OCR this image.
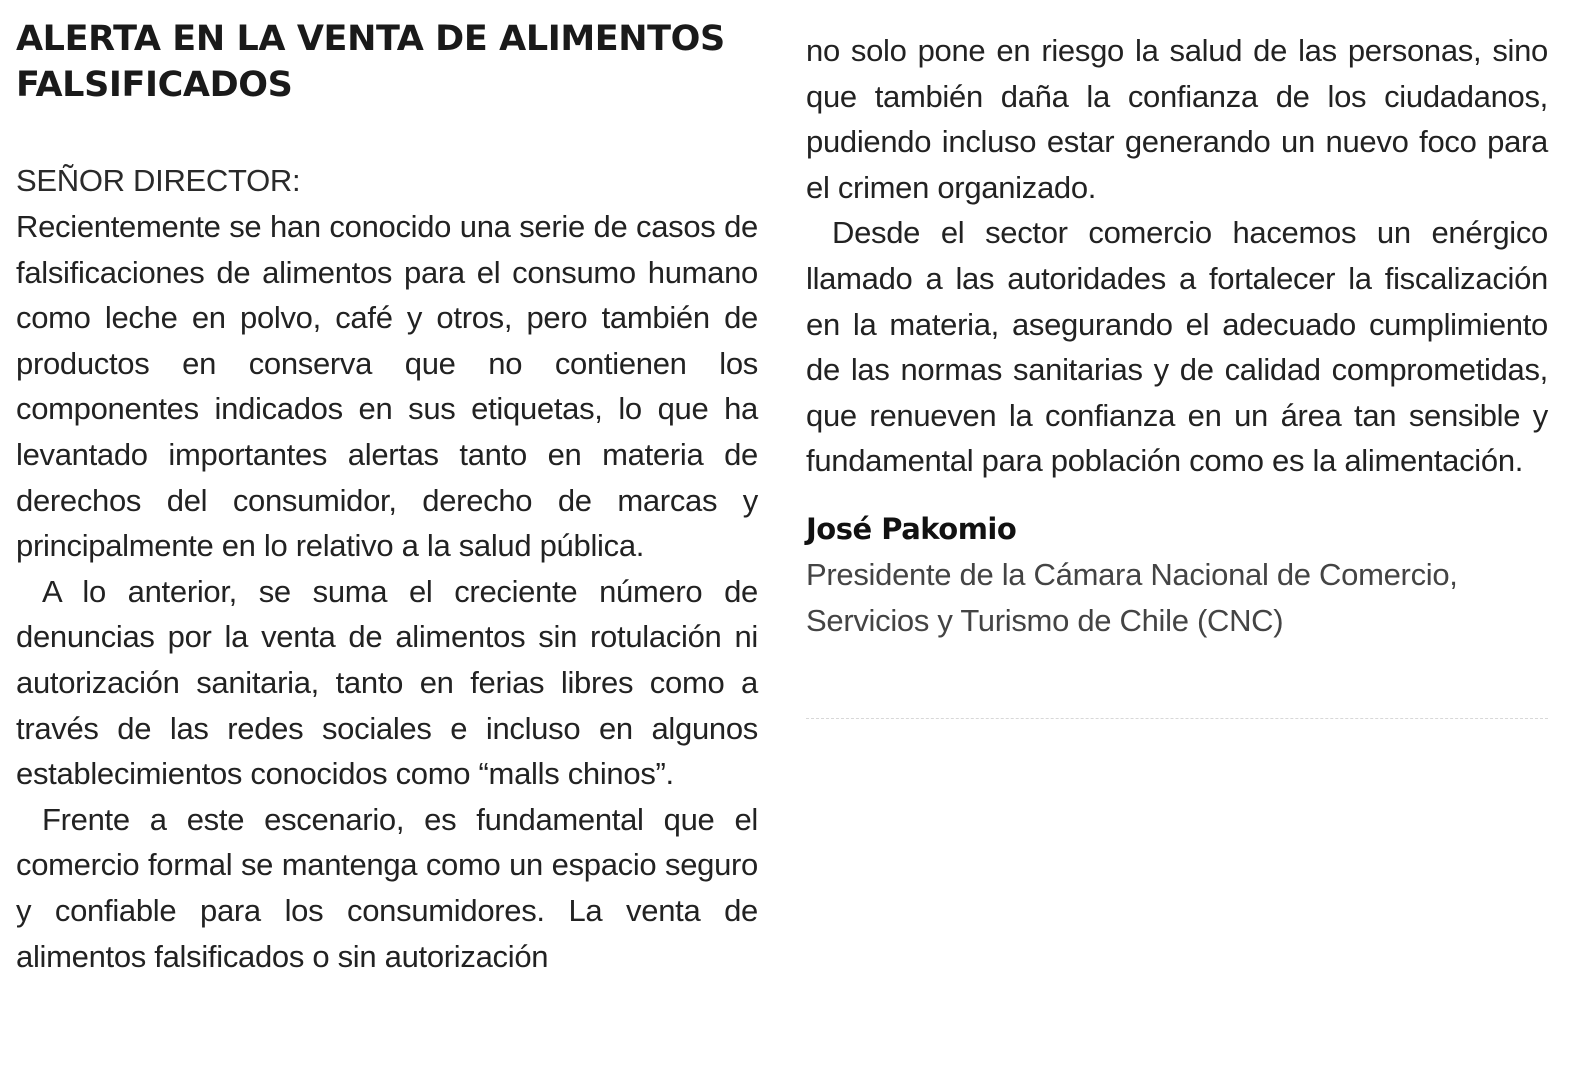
ALERTA EN LA VENTA DE ALIMENTOS FALSIFICADOS

SEÑOR DIRECTOR:

Recientemente se han conocido una serie de casos de falsificaciones de alimentos para el consumo humano como leche en polvo, café y otros, pero también de productos en conserva que no contienen los componentes indicados en sus etiquetas, lo que ha levantado importantes alertas tanto en materia de derechos del consumidor, derecho de marcas y principalmente en lo relativo a la salud pública.

A lo anterior, se suma el creciente número de denuncias por la venta de alimentos sin rotulación ni autorización sanitaria, tanto en ferias libres como a través de las redes sociales e incluso en algunos establecimientos conocidos como “malls chinos”.

Frente a este escenario, es fundamental que el comercio formal se mantenga como un espacio seguro y confiable para los consumidores. La venta de alimentos falsificados o sin autorización

no solo pone en riesgo la salud de las personas, sino que también daña la confianza de los ciudadanos, pudiendo incluso estar generando un nuevo foco para el crimen organizado.

Desde el sector comercio hacemos un enérgico llamado a las autoridades a fortalecer la fiscalización en la materia, asegurando el adecuado cumplimiento de las normas sanitarias y de calidad comprometidas, que renueven la confianza en un área tan sensible y fundamental para población como es la alimentación.

José Pakomio

Presidente de la Cámara Nacional de Comercio, Servicios y Turismo de Chile (CNC)
